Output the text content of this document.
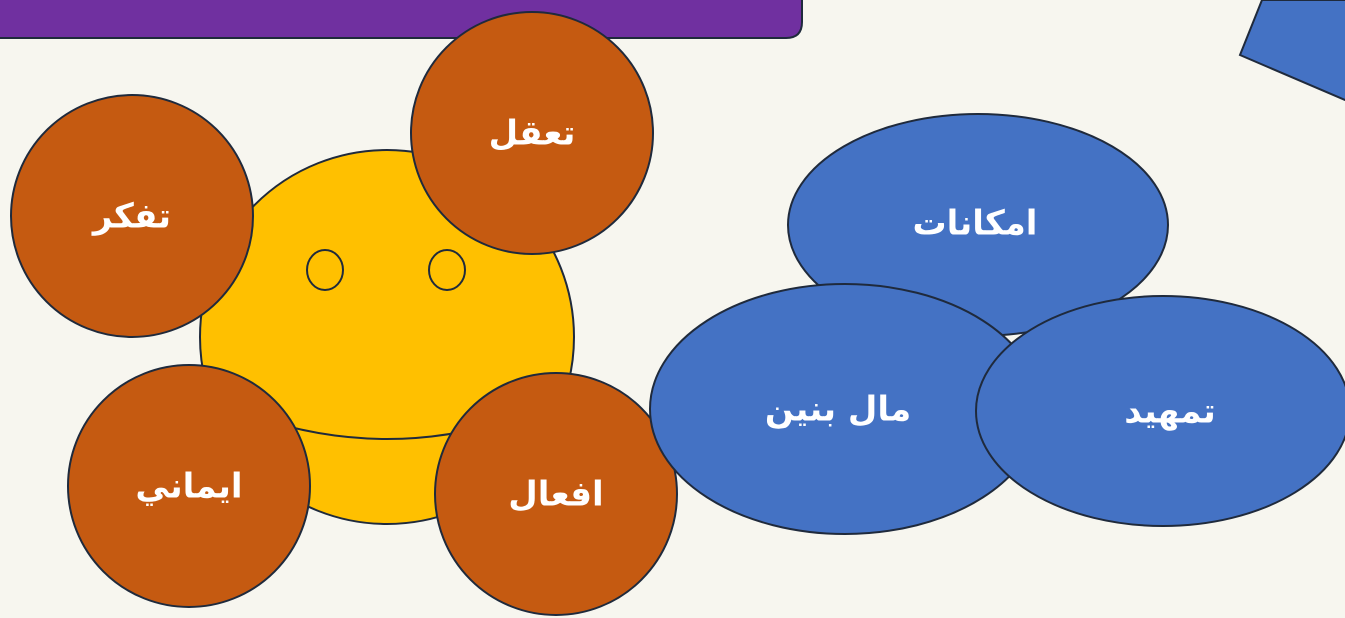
تعقل
تفكر
ايماني	افعال
امكانات
مال بنين	تمهيد
